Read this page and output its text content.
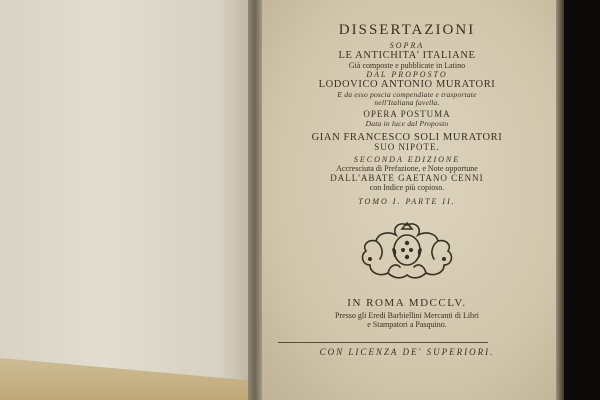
DISSERTAZIONI
SOPRA
LE ANTICHITA' ITALIANE
Già composte e pubblicate in Latino
DAL PROPOSTO
LODOVICO ANTONIO MURATORI
E da esso poscia compendiate e trasportate
nell'Italiana favella.
OPERA POSTUMA
Data in luce dal Proposto
GIAN FRANCESCO SOLI MURATORI
SUO NIPOTE.
SECONDA EDIZIONE
Accresciuta di Prefazione, e Note opportune
DALL'ABATE GAETANO CENNI
con Indice più copioso.
TOMO I. PARTE II.
IN ROMA MDCCLV.
Presso gli Eredi Barbiellini Mercanti di Libri
e Stampatori a Pasquino.
CON LICENZA DE' SUPERIORI.
